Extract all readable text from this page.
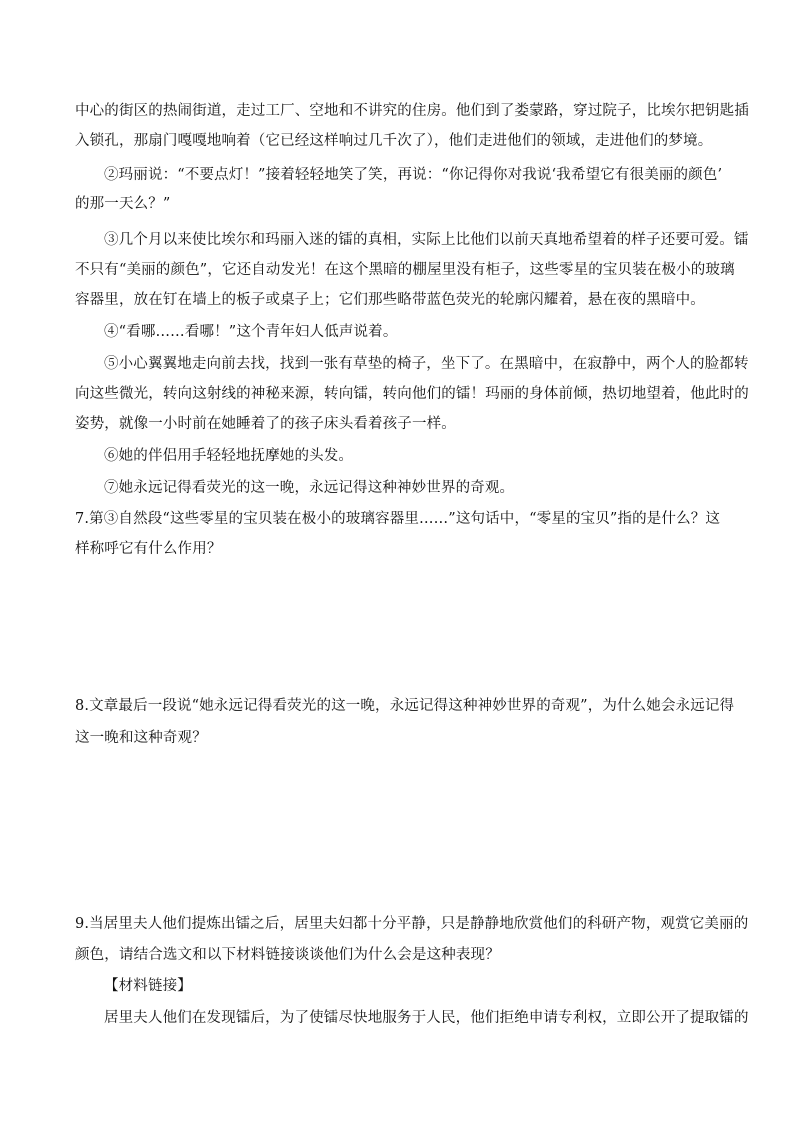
中心的街区的热闹街道，走过工厂、空地和不讲究的住房。他们到了娄蒙路，穿过院子，比埃尔把钥匙插
入锁孔，那扇门嘎嘎地响着（它已经这样响过几千次了），他们走进他们的领域，走进他们的梦境。
②玛丽说：“不要点灯！”接着轻轻地笑了笑，再说：“你记得你对我说‘我希望它有很美丽的颜色’
的那一天么？”
③几个月以来使比埃尔和玛丽入迷的镭的真相，实际上比他们以前天真地希望着的样子还要可爱。镭
不只有“美丽的颜色”，它还自动发光！在这个黑暗的棚屋里没有柜子，这些零星的宝贝装在极小的玻璃
容器里，放在钉在墙上的板子或桌子上；它们那些略带蓝色荧光的轮廓闪耀着，悬在夜的黑暗中。
④“看哪……看哪！”这个青年妇人低声说着。
⑤小心翼翼地走向前去找，找到一张有草垫的椅子，坐下了。在黑暗中，在寂静中，两个人的脸都转
向这些微光，转向这射线的神秘来源，转向镭，转向他们的镭！玛丽的身体前倾，热切地望着，他此时的
姿势，就像一小时前在她睡着了的孩子床头看着孩子一样。
⑥她的伴侣用手轻轻地抚摩她的头发。
⑦她永远记得看荧光的这一晚，永远记得这种神妙世界的奇观。
7.第③自然段“这些零星的宝贝装在极小的玻璃容器里……”这句话中，“零星的宝贝”指的是什么？这
样称呼它有什么作用？
8.文章最后一段说“她永远记得看荧光的这一晚，永远记得这种神妙世界的奇观”，为什么她会永远记得
这一晚和这种奇观？
9.当居里夫人他们提炼出镭之后，居里夫妇都十分平静，只是静静地欣赏他们的科研产物，观赏它美丽的
颜色，请结合选文和以下材料链接谈谈他们为什么会是这种表现？
【材料链接】
居里夫人他们在发现镭后，为了使镭尽快地服务于人民，他们拒绝申请专利权，立即公开了提取镭的
